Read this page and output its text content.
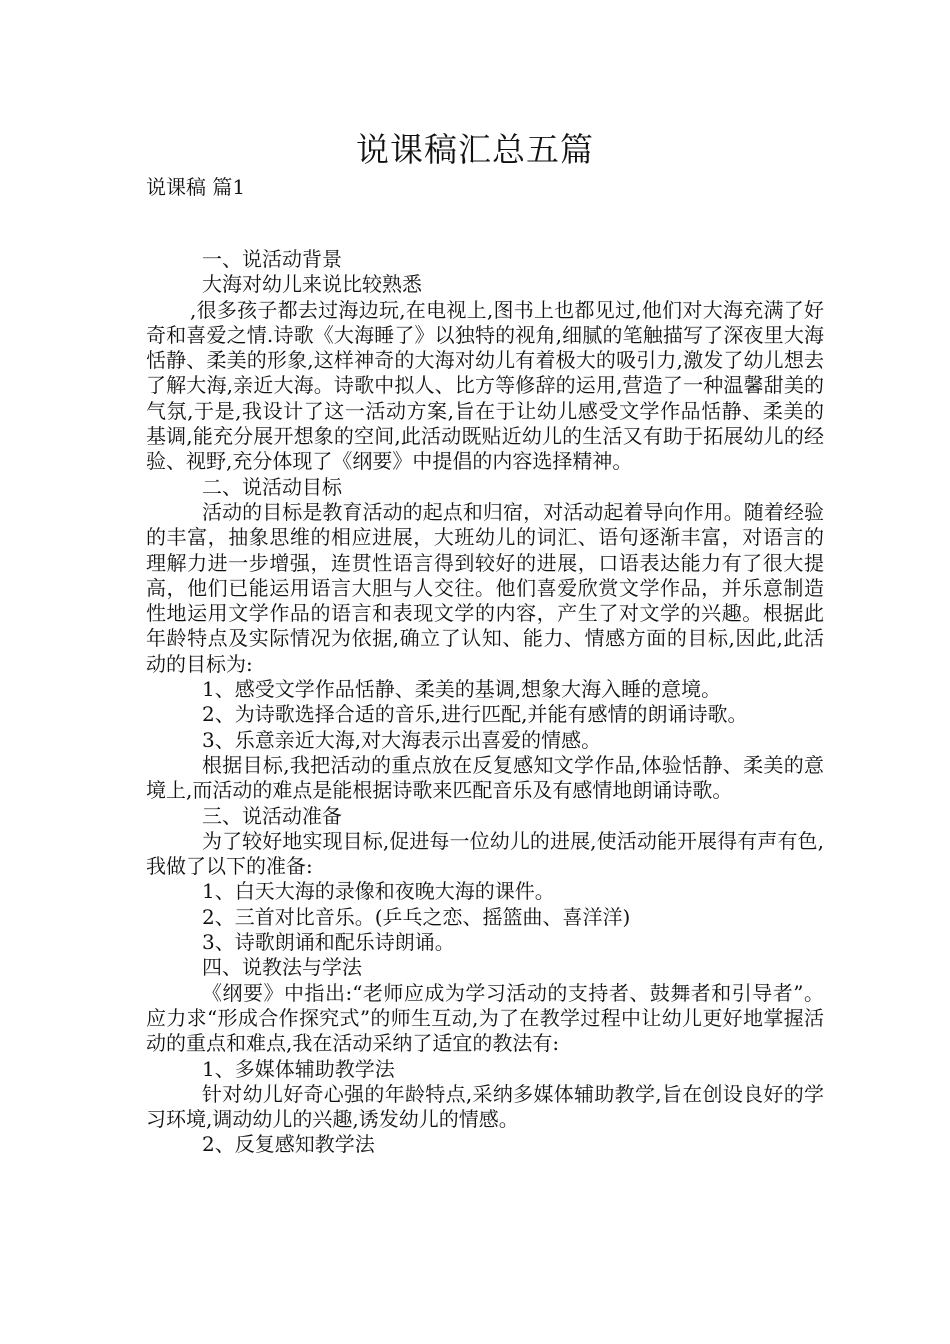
说课稿汇总五篇
说课稿 篇1

一、说活动背景

大海对幼儿来说比较熟悉

,很多孩子都去过海边玩,在电视上,图书上也都见过,他们对大海充满了好奇和喜爱之情.诗歌《大海睡了》以独特的视角,细腻的笔触描写了深夜里大海恬静、柔美的形象,这样神奇的大海对幼儿有着极大的吸引力,激发了幼儿想去了解大海,亲近大海。诗歌中拟人、比方等修辞的运用,营造了一种温馨甜美的气氛,于是,我设计了这一活动方案,旨在于让幼儿感受文学作品恬静、柔美的基调,能充分展开想象的空间,此活动既贴近幼儿的生活又有助于拓展幼儿的经验、视野,充分体现了《纲要》中提倡的内容选择精神。

二、说活动目标

活动的目标是教育活动的起点和归宿，对活动起着导向作用。随着经验的丰富，抽象思维的相应进展，大班幼儿的词汇、语句逐渐丰富，对语言的理解力进一步增强，连贯性语言得到较好的进展，口语表达能力有了很大提高，他们已能运用语言大胆与人交往。他们喜爱欣赏文学作品，并乐意制造性地运用文学作品的语言和表现文学的内容，产生了对文学的兴趣。根据此年龄特点及实际情况为依据,确立了认知、能力、情感方面的目标,因此,此活动的目标为:

1、感受文学作品恬静、柔美的基调,想象大海入睡的意境。

2、为诗歌选择合适的音乐,进行匹配,并能有感情的朗诵诗歌。

3、乐意亲近大海,对大海表示出喜爱的情感。

根据目标,我把活动的重点放在反复感知文学作品,体验恬静、柔美的意境上,而活动的难点是能根据诗歌来匹配音乐及有感情地朗诵诗歌。

三、说活动准备

为了较好地实现目标,促进每一位幼儿的进展,使活动能开展得有声有色,我做了以下的准备:

1、白天大海的录像和夜晚大海的课件。

2、三首对比音乐。(乒乓之恋、摇篮曲、喜洋洋)

3、诗歌朗诵和配乐诗朗诵。

四、说教法与学法

《纲要》中指出:“老师应成为学习活动的支持者、鼓舞者和引导者”。应力求“形成合作探究式”的师生互动,为了在教学过程中让幼儿更好地掌握活动的重点和难点,我在活动采纳了适宜的教法有:

1、多媒体辅助教学法

针对幼儿好奇心强的年龄特点,采纳多媒体辅助教学,旨在创设良好的学习环境,调动幼儿的兴趣,诱发幼儿的情感。

2、反复感知教学法
